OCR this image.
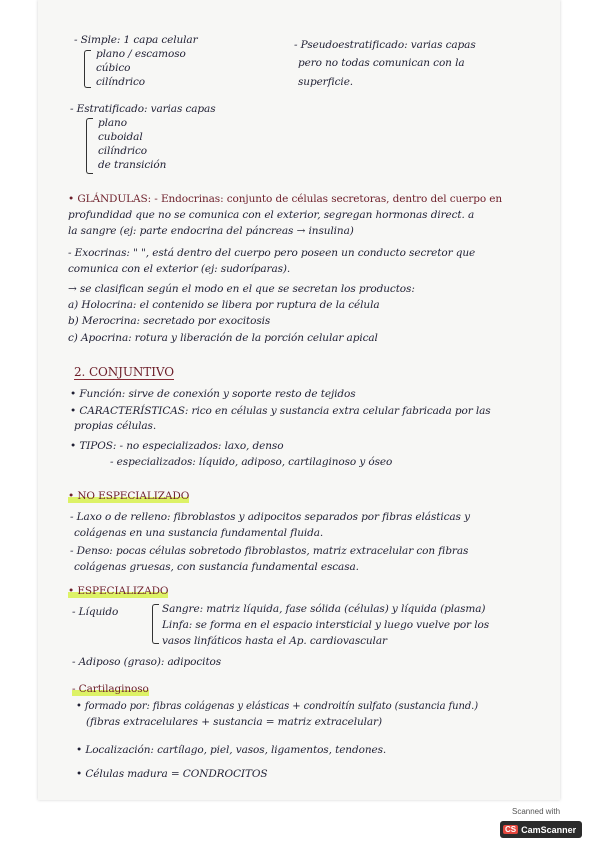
- Simple: 1 capa celular
plano / escamoso
cúbico
cilíndrico
- Pseudoestratificado: varias capas
pero no todas comunican con la
superficie.
- Estratificado: varias capas
plano
cuboidal
cilíndrico
de transición
• GLÁNDULAS: - Endocrinas: conjunto de células secretoras, dentro del cuerpo en
profundidad que no se comunica con el exterior, segregan hormonas direct. a
la sangre (ej: parte endocrina del páncreas → insulina)
- Exocrinas: " ", está dentro del cuerpo pero poseen un conducto secretor que
comunica con el exterior (ej: sudoríparas).
→ se clasifican según el modo en el que se secretan los productos:
a) Holocrina: el contenido se libera por ruptura de la célula
b) Merocrina: secretado por exocitosis
c) Apocrina: rotura y liberación de la porción celular apical
2. CONJUNTIVO
• Función: sirve de conexión y soporte resto de tejidos
• CARACTERÍSTICAS: rico en células y sustancia extra celular fabricada por las
propias células.
• TIPOS: - no especializados: laxo, denso
- especializados: líquido, adiposo, cartilaginoso y óseo
• NO ESPECIALIZADO
- Laxo o de relleno: fibroblastos y adipocitos separados por fibras elásticas y
colágenas en una sustancia fundamental fluida.
- Denso: pocas células sobretodo fibroblastos, matriz extracelular con fibras
colágenas gruesas, con sustancia fundamental escasa.
• ESPECIALIZADO
- Líquido	Sangre: matriz líquida, fase sólida (células) y líquida (plasma)
Linfa: se forma en el espacio intersticial y luego vuelve por los
vasos linfáticos hasta el Ap. cardiovascular
- Adiposo (graso): adipocitos
- Cartilaginoso
• formado por: fibras colágenas y elásticas + condroitín sulfato (sustancia fund.)
(fibras extracelulares + sustancia = matriz extracelular)
• Localización: cartílago, piel, vasos, ligamentos, tendones.
• Células madura = CONDROCITOS
Scanned with
CS CamScanner
